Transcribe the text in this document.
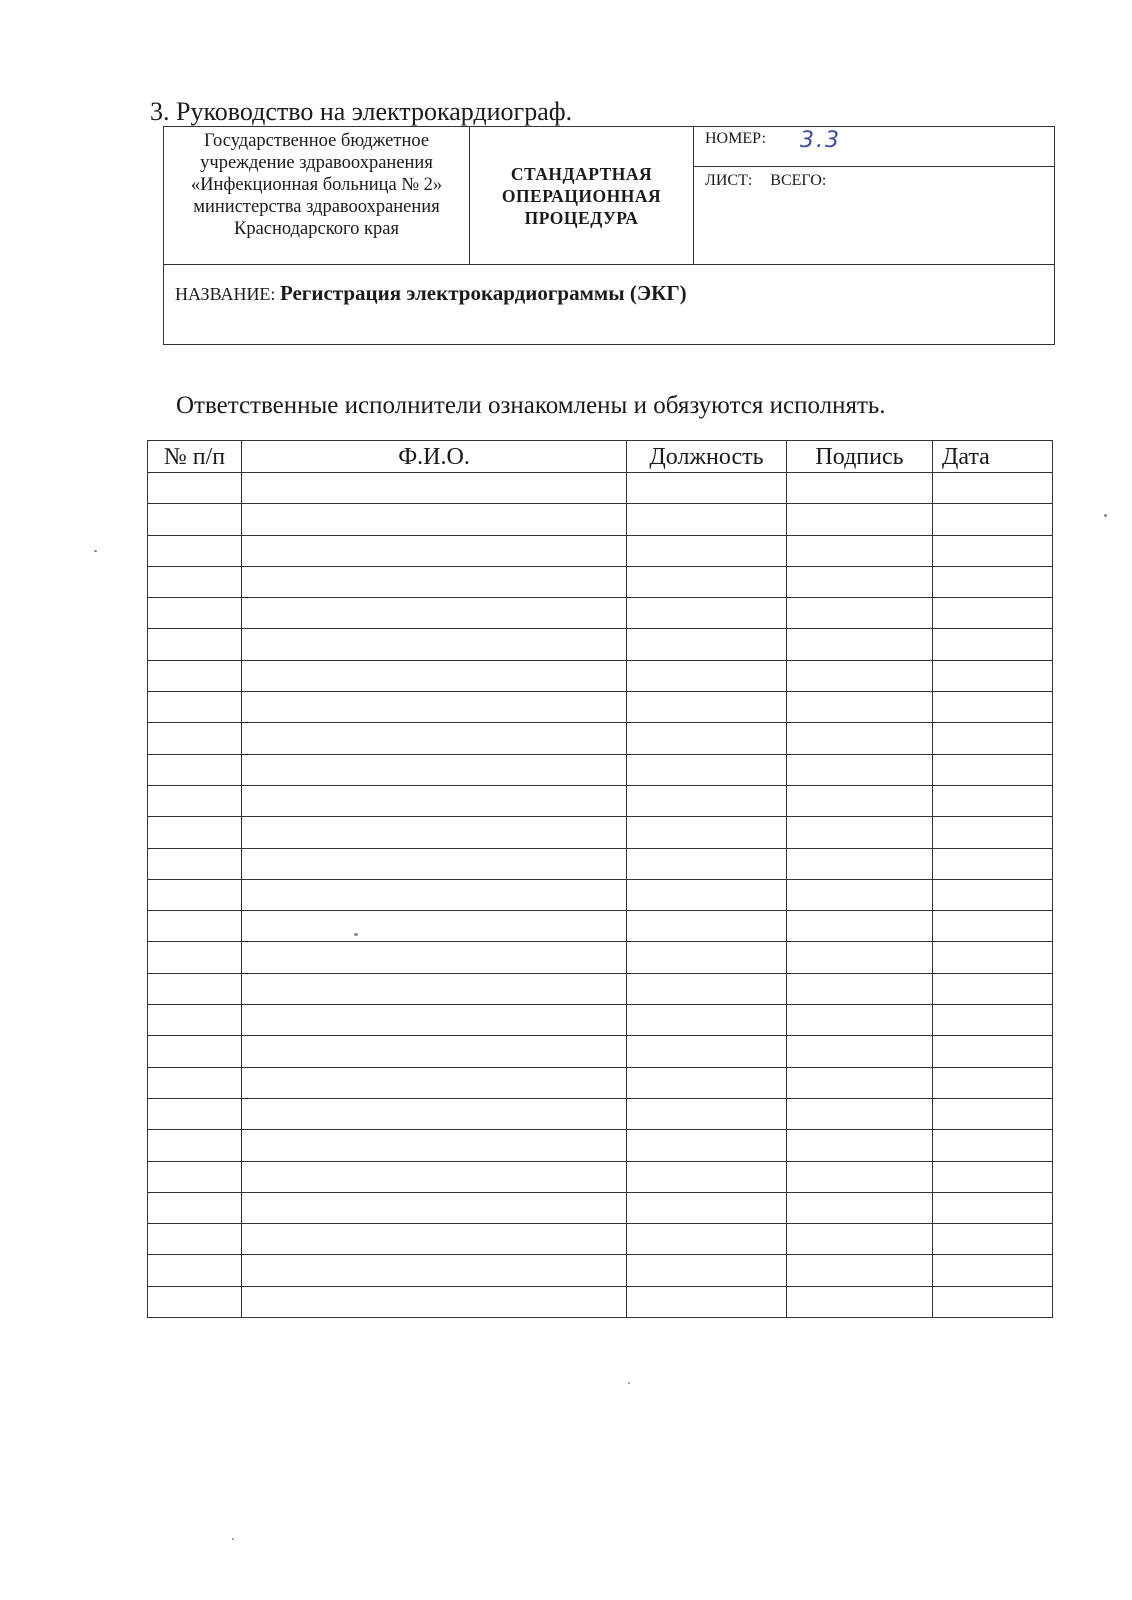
3. Руководство на электрокардиограф.
Государственное бюджетное
учреждение здравоохранения
«Инфекционная больница № 2»
министерства здравоохранения
Краснодарского края
СТАНДАРТНАЯ
ОПЕРАЦИОННАЯ
ПРОЦЕДУРА
НОМЕР: 3.3
ЛИСТ: ВСЕГО:
НАЗВАНИЕ: Регистрация электрокардиограммы (ЭКГ)
Ответственные исполнители ознакомлены и обязуются исполнять.
№ п/п	Ф.И.О.	Должность	Подпись	Дата
